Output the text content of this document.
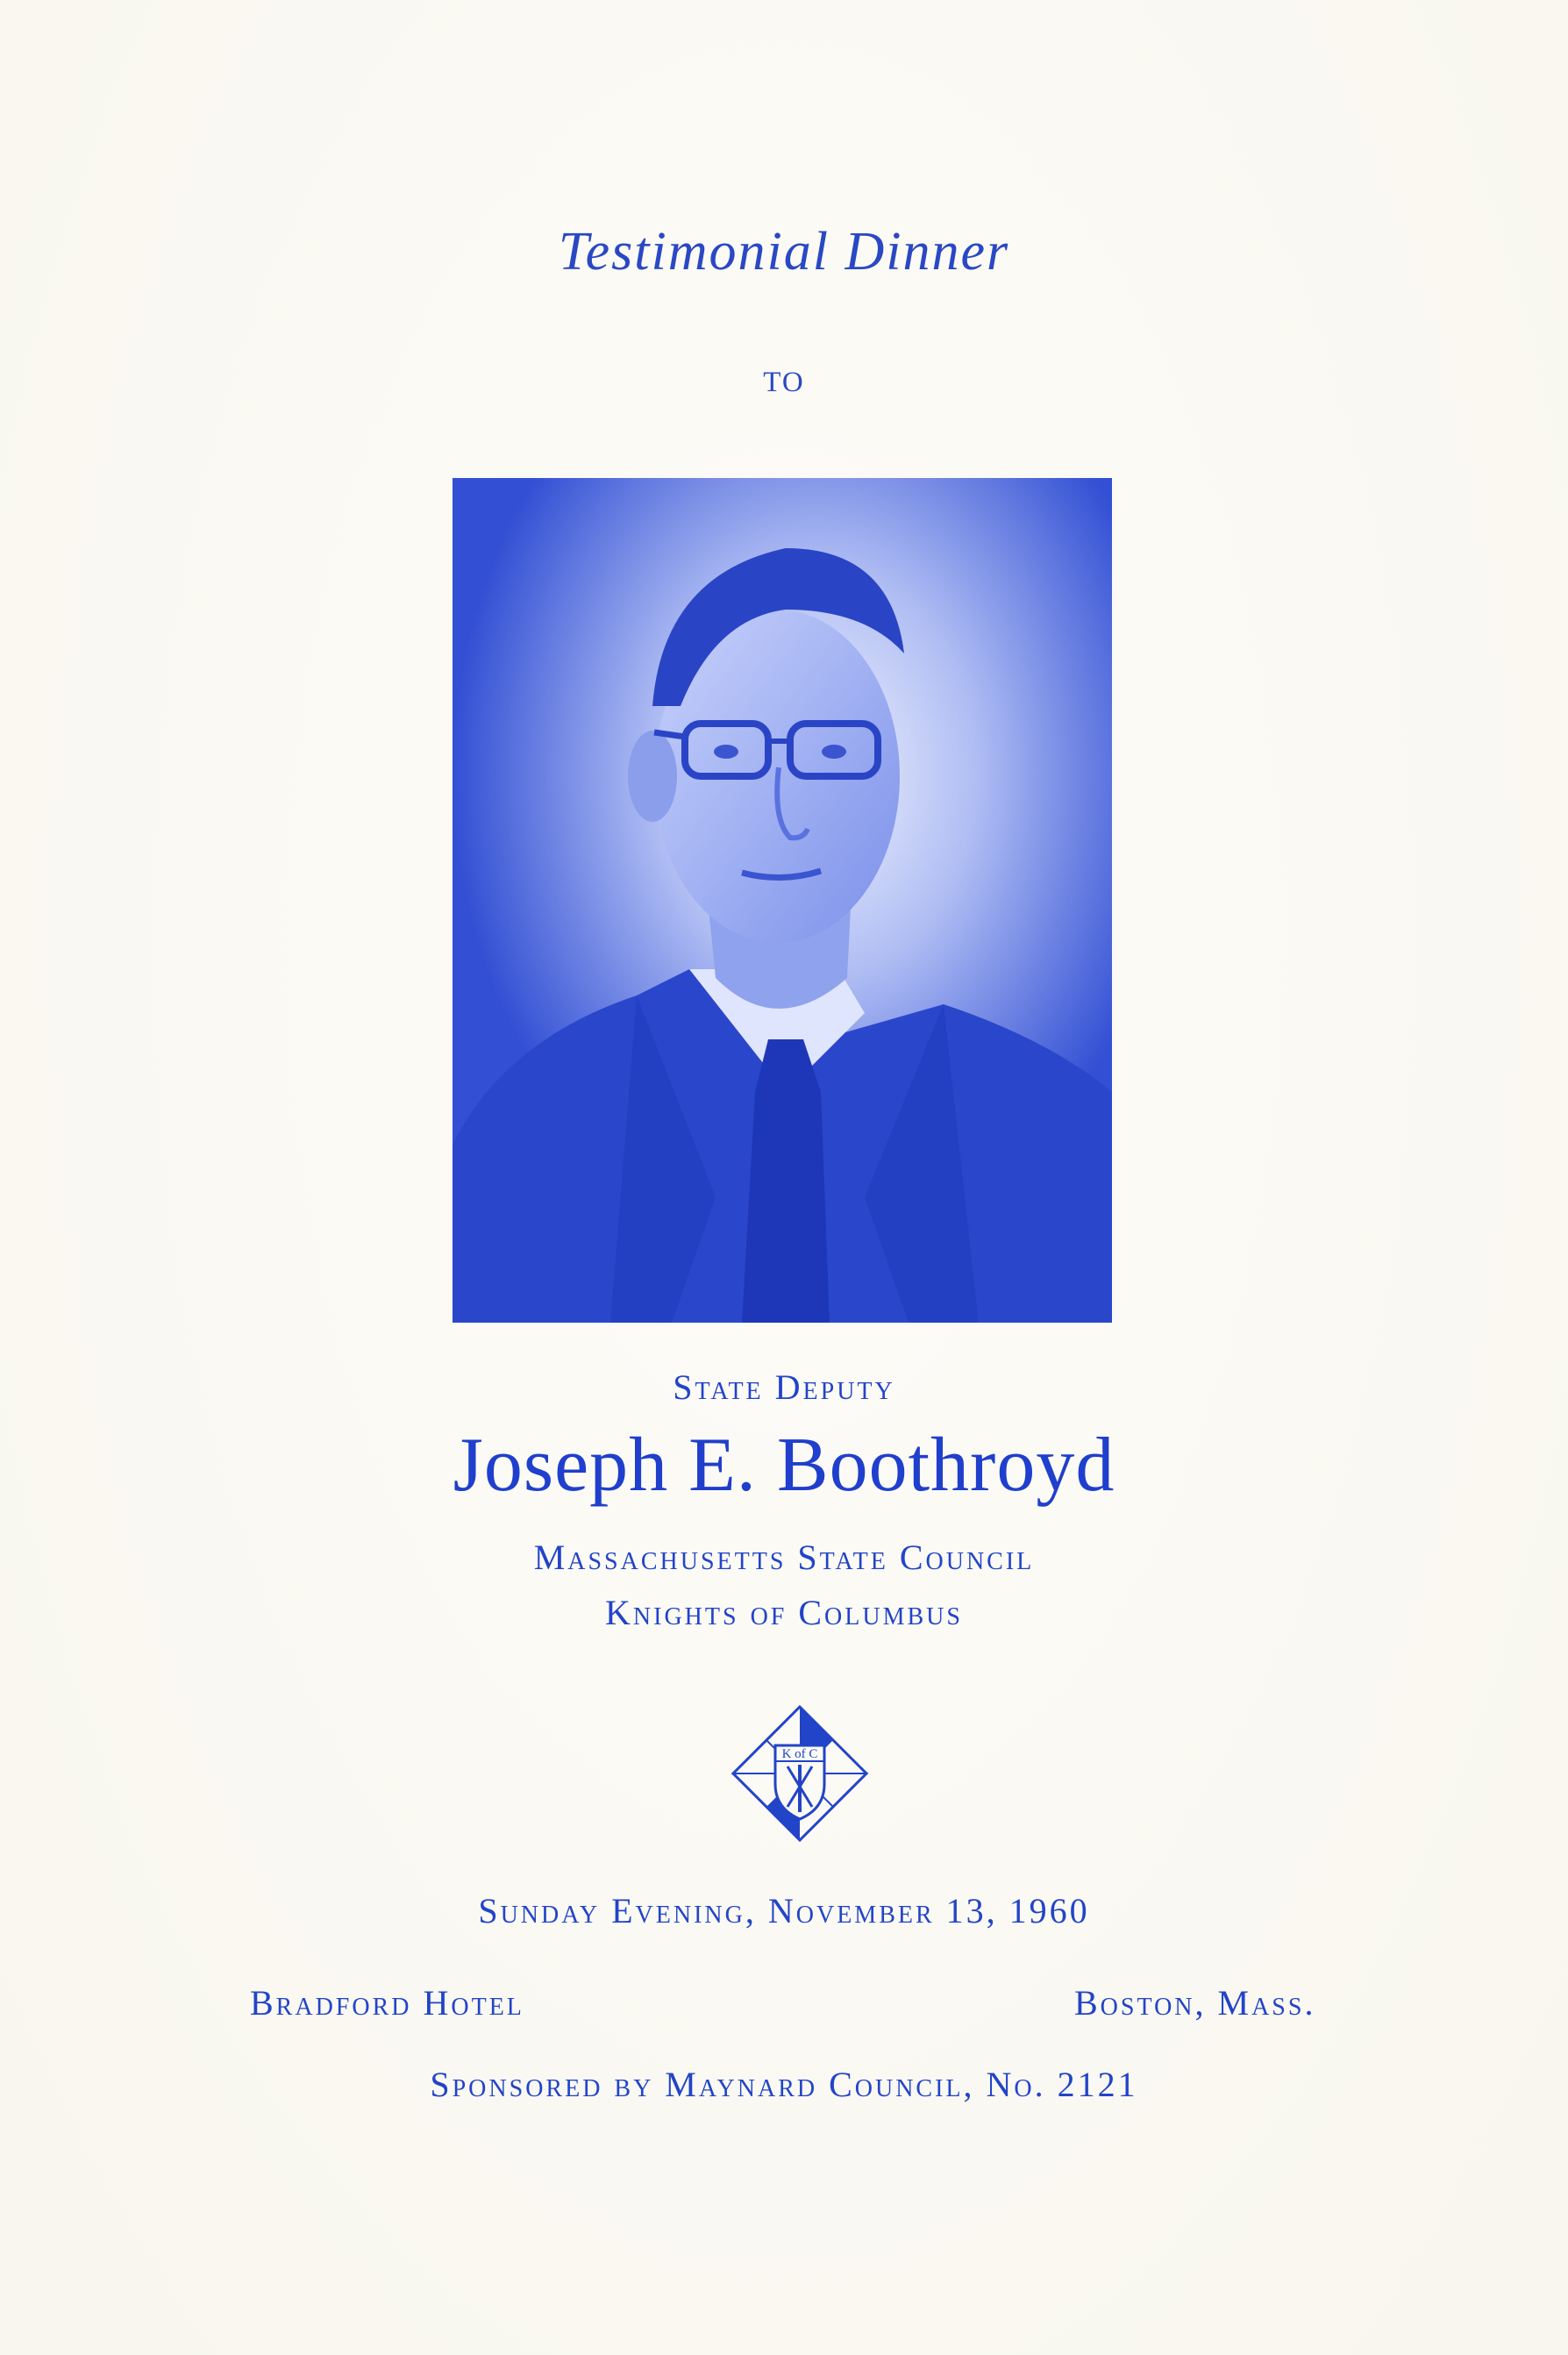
Testimonial Dinner
TO
State Deputy
Joseph E. Boothroyd
Massachusetts State Council
Knights of Columbus
K of C
Sunday Evening, November 13, 1960
Bradford Hotel	Boston, Mass.
Sponsored by Maynard Council, No. 2121
